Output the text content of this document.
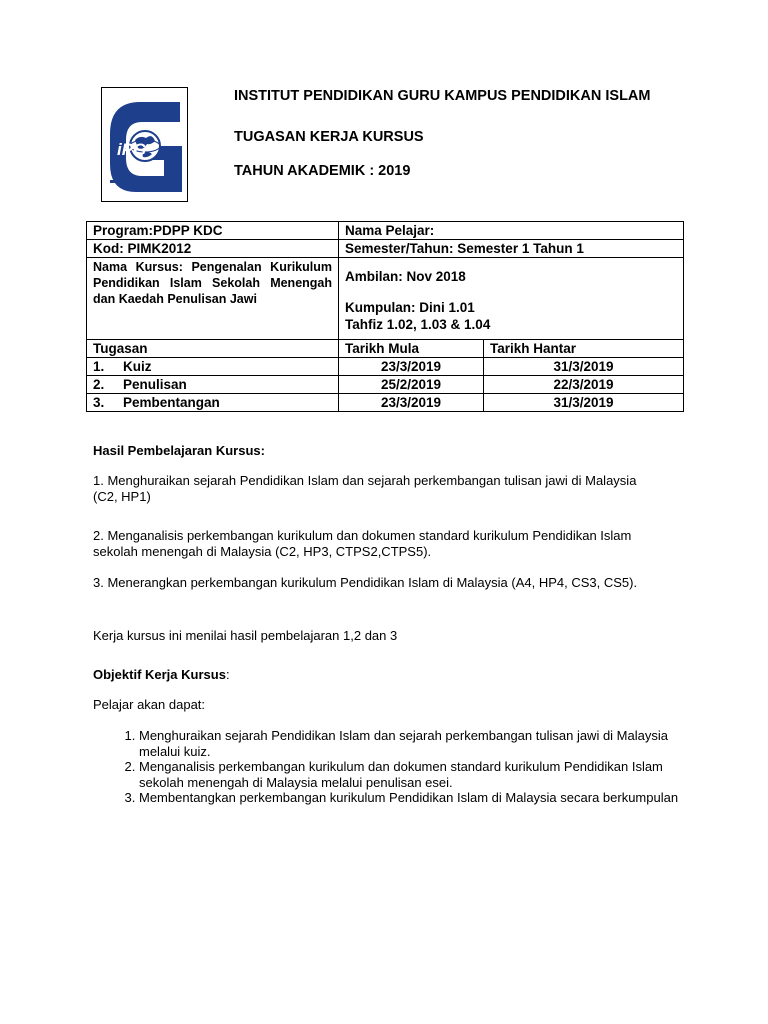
iPG
INSTITUT PENDIDIKAN GURU KAMPUS PENDIDIKAN ISLAM
TUGASAN KERJA KURSUS
TAHUN AKADEMIK : 2019
Program:PDPP KDC	Nama Pelajar:	
Kod: PIMK2012	Semester/Tahun: Semester 1 Tahun 1	
Nama Kursus: Pengenalan Kurikulum Pendidikan Islam Sekolah Menengah dan Kaedah Penulisan Jawi	Ambilan: Nov 2018
Kumpulan: Dini 1.01
Tahfiz 1.02, 1.03 & 1.04	

Tugasan	Tarikh Mula	Tarikh Hantar
1. Kuiz	23/3/2019	31/3/2019
2. Penulisan	25/2/2019	22/3/2019
3. Pembentangan	23/3/2019	31/3/2019
Hasil Pembelajaran Kursus:
1. Menghuraikan sejarah Pendidikan Islam dan sejarah perkembangan tulisan jawi di Malaysia (C2, HP1)
2. Menganalisis perkembangan kurikulum dan dokumen standard kurikulum Pendidikan Islam sekolah menengah di Malaysia (C2, HP3, CTPS2,CTPS5).
3. Menerangkan perkembangan kurikulum Pendidikan Islam di Malaysia (A4, HP4, CS3, CS5).
Kerja kursus ini menilai hasil pembelajaran 1,2 dan 3
Objektif Kerja Kursus:
Pelajar akan dapat:
1. Menghuraikan sejarah Pendidikan Islam dan sejarah perkembangan tulisan jawi di Malaysia melalui kuiz.
2. Menganalisis perkembangan kurikulum dan dokumen standard kurikulum Pendidikan Islam sekolah menengah di Malaysia melalui penulisan esei.
3. Membentangkan perkembangan kurikulum Pendidikan Islam di Malaysia secara berkumpulan
